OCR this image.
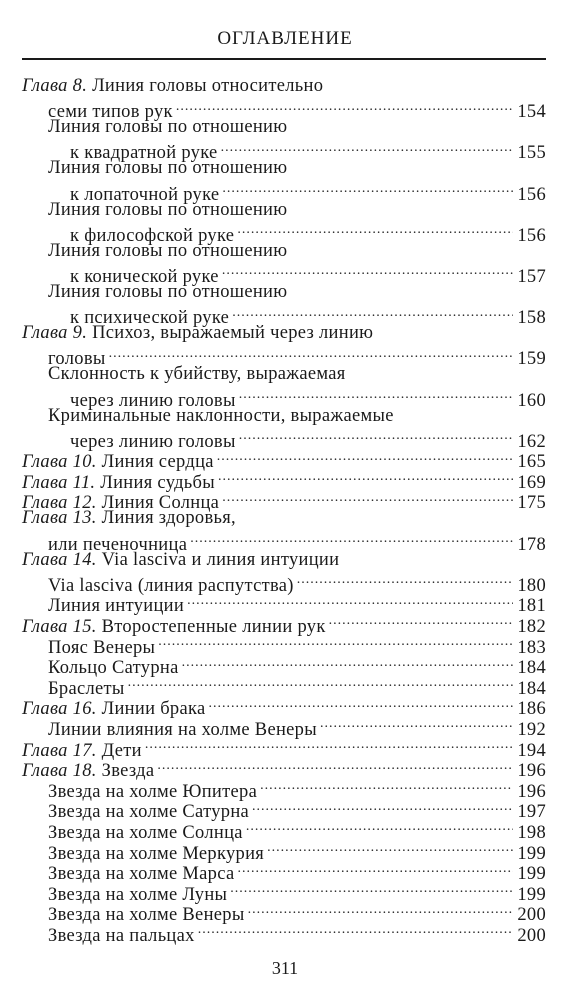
ОГЛАВЛЕНИЕ
Глава 8. Линия головы относительно
семи типов рук .....	154
Линия головы по отношению
к квадратной руке .....	155
Линия головы по отношению
к лопаточной руке .....	156
Линия головы по отношению
к философской руке .....	156
Линия головы по отношению
к конической руке .....	157
Линия головы по отношению
к психической руке .....	158
Глава 9. Психоз, выражаемый через линию
головы .....	159
Склонность к убийству, выражаемая
через линию головы .....	160
Криминальные наклонности, выражаемые
через линию головы .....	162
Глава 10. Линия сердца .....	165
Глава 11. Линия судьбы .....	169
Глава 12. Линия Солнца .....	175
Глава 13. Линия здоровья,
или печеночница .....	178
Глава 14. Via lasciva и линия интуиции
Via lasciva (линия распутства) .....	180
Линия интуиции .....	181
Глава 15. Второстепенные линии рук .....	182
Пояс Венеры .....	183
Кольцо Сатурна .....	184
Браслеты .....	184
Глава 16. Линии брака .....	186
Линии влияния на холме Венеры .....	192
Глава 17. Дети .....	194
Глава 18. Звезда .....	196
Звезда на холме Юпитера .....	196
Звезда на холме Сатурна .....	197
Звезда на холме Солнца .....	198
Звезда на холме Меркурия .....	199
Звезда на холме Марса .....	199
Звезда на холме Луны .....	199
Звезда на холме Венеры .....	200
Звезда на пальцах .....	200
311
